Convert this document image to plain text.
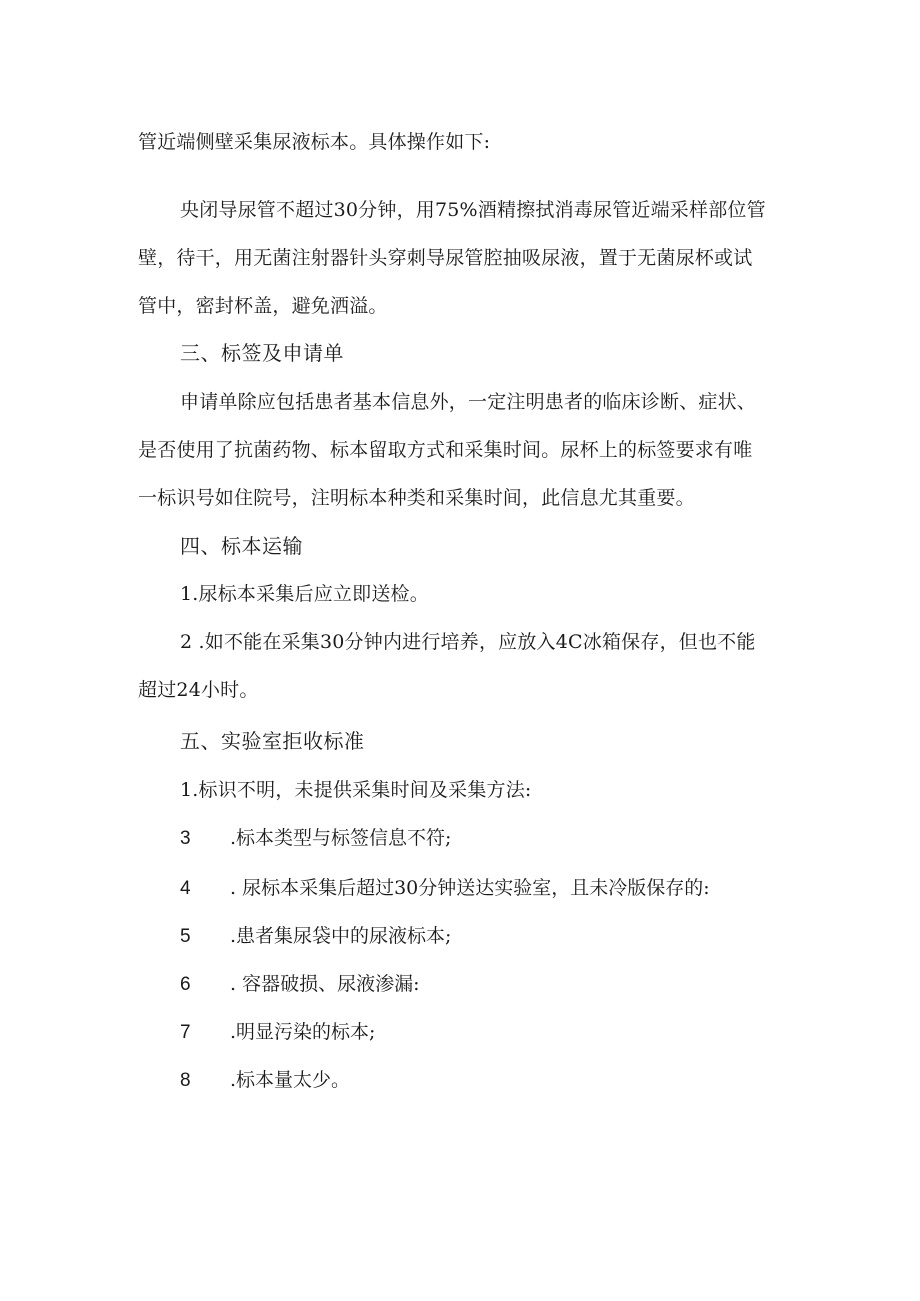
管近端侧壁采集尿液标本。具体操作如下:
央闭导尿管不超过30分钟，用75%酒精擦拭消毒尿管近端采样部位管
壁，待干，用无菌注射器针头穿刺导尿管腔抽吸尿液，置于无菌尿杯或试
管中，密封杯盖，避免洒溢。
三、标签及申请单
申请单除应包括患者基本信息外，一定注明患者的临床诊断、症状、
是否使用了抗菌药物、标本留取方式和采集时间。尿杯上的标签要求有唯
一标识号如住院号，注明标本种类和采集时间，此信息尤其重要。
四、标本运输
1.尿标本采集后应立即送检。
2 .如不能在采集30分钟内进行培养，应放入4C冰箱保存，但也不能
超过24小时。
五、实验室拒收标准
1.标识不明，未提供采集时间及采集方法:
3 .标本类型与标签信息不符;
4 . 尿标本采集后超过30分钟送达实验室，且未冷版保存的:
5 .患者集尿袋中的尿液标本;
6 . 容器破损、尿液渗漏:
7 .明显污染的标本;
8 .标本量太少。
